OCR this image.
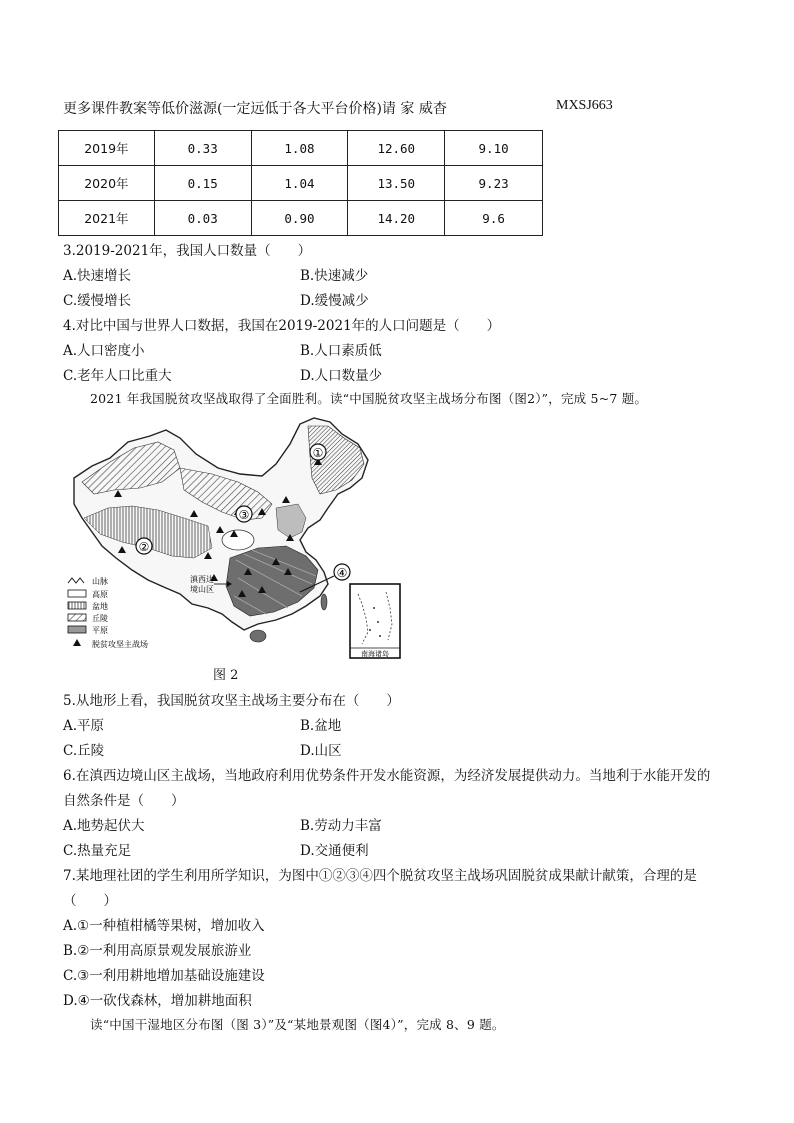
更多课件教案等低价滋源(一定远低于各大平台价格)请 家 威杳	MXSJ663
2019年	0.33	1.08	12.60	9.10
2020年	0.15	1.04	13.50	9.23
2021年	0.03	0.90	14.20	9.6
3.2019-2021年，我国人口数量（　　）
A.快速增长	B.快速减少
C.缓慢增长	D.缓慢减少
4.对比中国与世界人口数据，我国在2019-2021年的人口问题是（　　）
A.人口密度小	B.人口素质低
C.老年人口比重大	D.人口数量少
2021 年我国脱贫攻坚战取得了全面胜利。读“中国脱贫攻坚主战场分布图（图2）”，完成 5~7 题。
①
②
③
④
滇西边
境山区
山脉
高原
盆地
丘陵
平原
脱贫攻坚主战场
南海诸岛
图 2
5.从地形上看，我国脱贫攻坚主战场主要分布在（　　）
A.平原	B.盆地
C.丘陵	D.山区
6.在滇西边境山区主战场，当地政府利用优势条件开发水能资源，为经济发展提供动力。当地利于水能开发的
自然条件是（　　）
A.地势起伏大	B.劳动力丰富
C.热量充足	D.交通便利
7.某地理社团的学生利用所学知识，为图中①②③④四个脱贫攻坚主战场巩固脱贫成果献计献策，合理的是
（　　）
A.①一种植柑橘等果树，增加收入
B.②一利用高原景观发展旅游业
C.③一利用耕地增加基础设施建设
D.④一砍伐森林，增加耕地面积
读“中国干湿地区分布图（图 3）”及“某地景观图（图4）”，完成 8、9 题。
